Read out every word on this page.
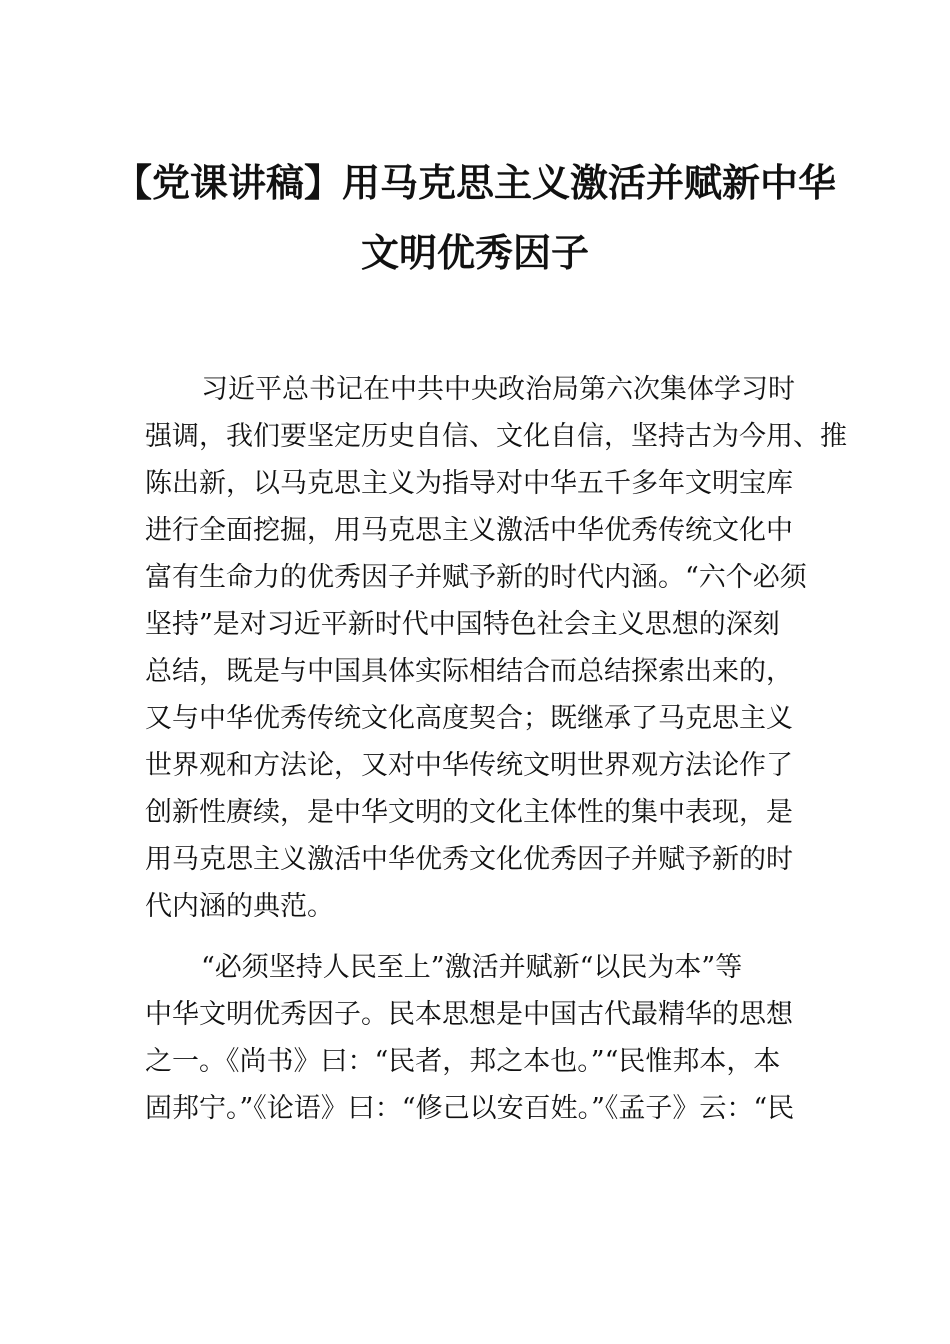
【党课讲稿】用马克思主义激活并赋新中华
文明优秀因子
习近平总书记在中共中央政治局第六次集体学习时
强调，我们要坚定历史自信、文化自信，坚持古为今用、推
陈出新，以马克思主义为指导对中华五千多年文明宝库
进行全面挖掘，用马克思主义激活中华优秀传统文化中
富有生命力的优秀因子并赋予新的时代内涵。“六个必须
坚持”是对习近平新时代中国特色社会主义思想的深刻
总结，既是与中国具体实际相结合而总结探索出来的，
又与中华优秀传统文化高度契合；既继承了马克思主义
世界观和方法论，又对中华传统文明世界观方法论作了
创新性赓续，是中华文明的文化主体性的集中表现，是
用马克思主义激活中华优秀文化优秀因子并赋予新的时
代内涵的典范。
“必须坚持人民至上”激活并赋新“以民为本”等
中华文明优秀因子。民本思想是中国古代最精华的思想
之一。《尚书》曰：“民者，邦之本也。”“民惟邦本，本
固邦宁。”《论语》曰：“修己以安百姓。”《孟子》云：“民
